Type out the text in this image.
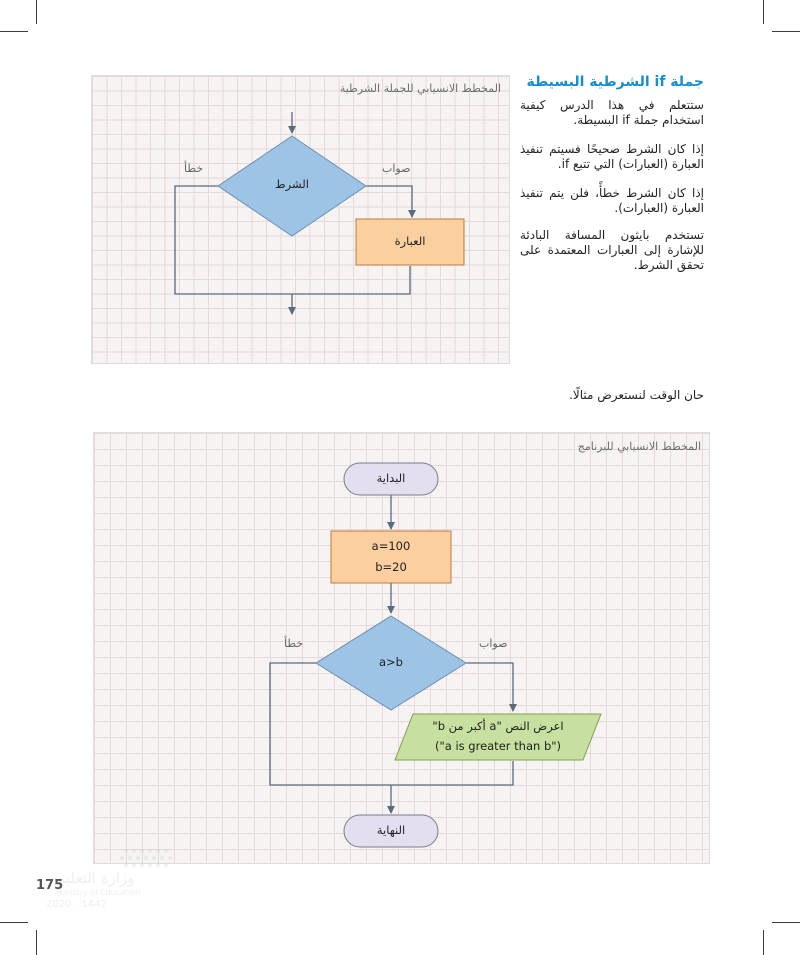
جملة if الشرطية البسيطة
ستتعلم في هذا الدرس كيفية استخدام جملة if البسيطة.
إذا كان الشرط صحيحًا فسيتم تنفيذ العبارة (العبارات) التي تتبع if.
إذا كان الشرط خطأً، فلن يتم تنفيذ العبارة (العبارات).
تستخدم بايثون المسافة البادئة للإشارة إلى العبارات المعتمدة على تحقق الشرط.
المخطط الانسيابي للجملة الشرطية
صواب
خطأ
الشرط
العبارة
حان الوقت لنستعرض مثالًا.
المخطط الانسيابي للبرنامج
البداية
a=100
b=20
صواب
خطأ
a>b
اعرض النص "a أكبر من b"
("a is greater than b")
النهاية
وزارة التعليم
Ministry of Education
2020 - 1442
175
